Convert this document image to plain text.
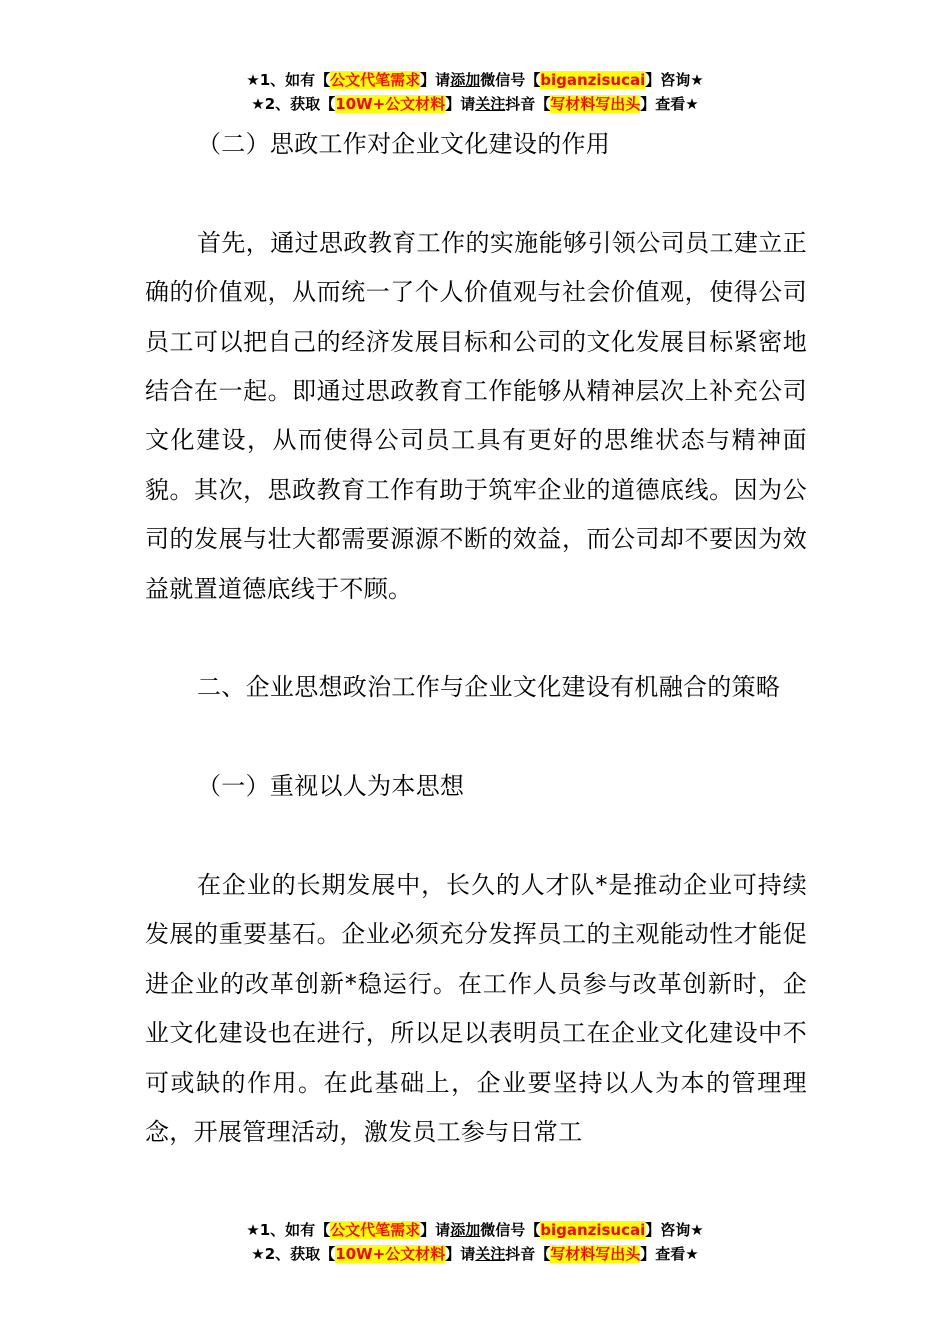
★1、如有【公文代笔需求】请添加微信号【biganzisucai】咨询★
★2、获取【10W+公文材料】请关注抖音【写材料写出头】查看★

（二）思政工作对企业文化建设的作用

首先，通过思政教育工作的实施能够引领公司员工建立正确的价值观，从而统一了个人价值观与社会价值观，使得公司员工可以把自己的经济发展目标和公司的文化发展目标紧密地结合在一起。即通过思政教育工作能够从精神层次上补充公司文化建设，从而使得公司员工具有更好的思维状态与精神面貌。其次，思政教育工作有助于筑牢企业的道德底线。因为公司的发展与壮大都需要源源不断的效益，而公司却不要因为效益就置道德底线于不顾。

二、企业思想政治工作与企业文化建设有机融合的策略

（一）重视以人为本思想

在企业的长期发展中，长久的人才队*是推动企业可持续发展的重要基石。企业必须充分发挥员工的主观能动性才能促进企业的改革创新*稳运行。在工作人员参与改革创新时，企业文化建设也在进行，所以足以表明员工在企业文化建设中不可或缺的作用。在此基础上，企业要坚持以人为本的管理理念，开展管理活动，激发员工参与日常工

★1、如有【公文代笔需求】请添加微信号【biganzisucai】咨询★
★2、获取【10W+公文材料】请关注抖音【写材料写出头】查看★
